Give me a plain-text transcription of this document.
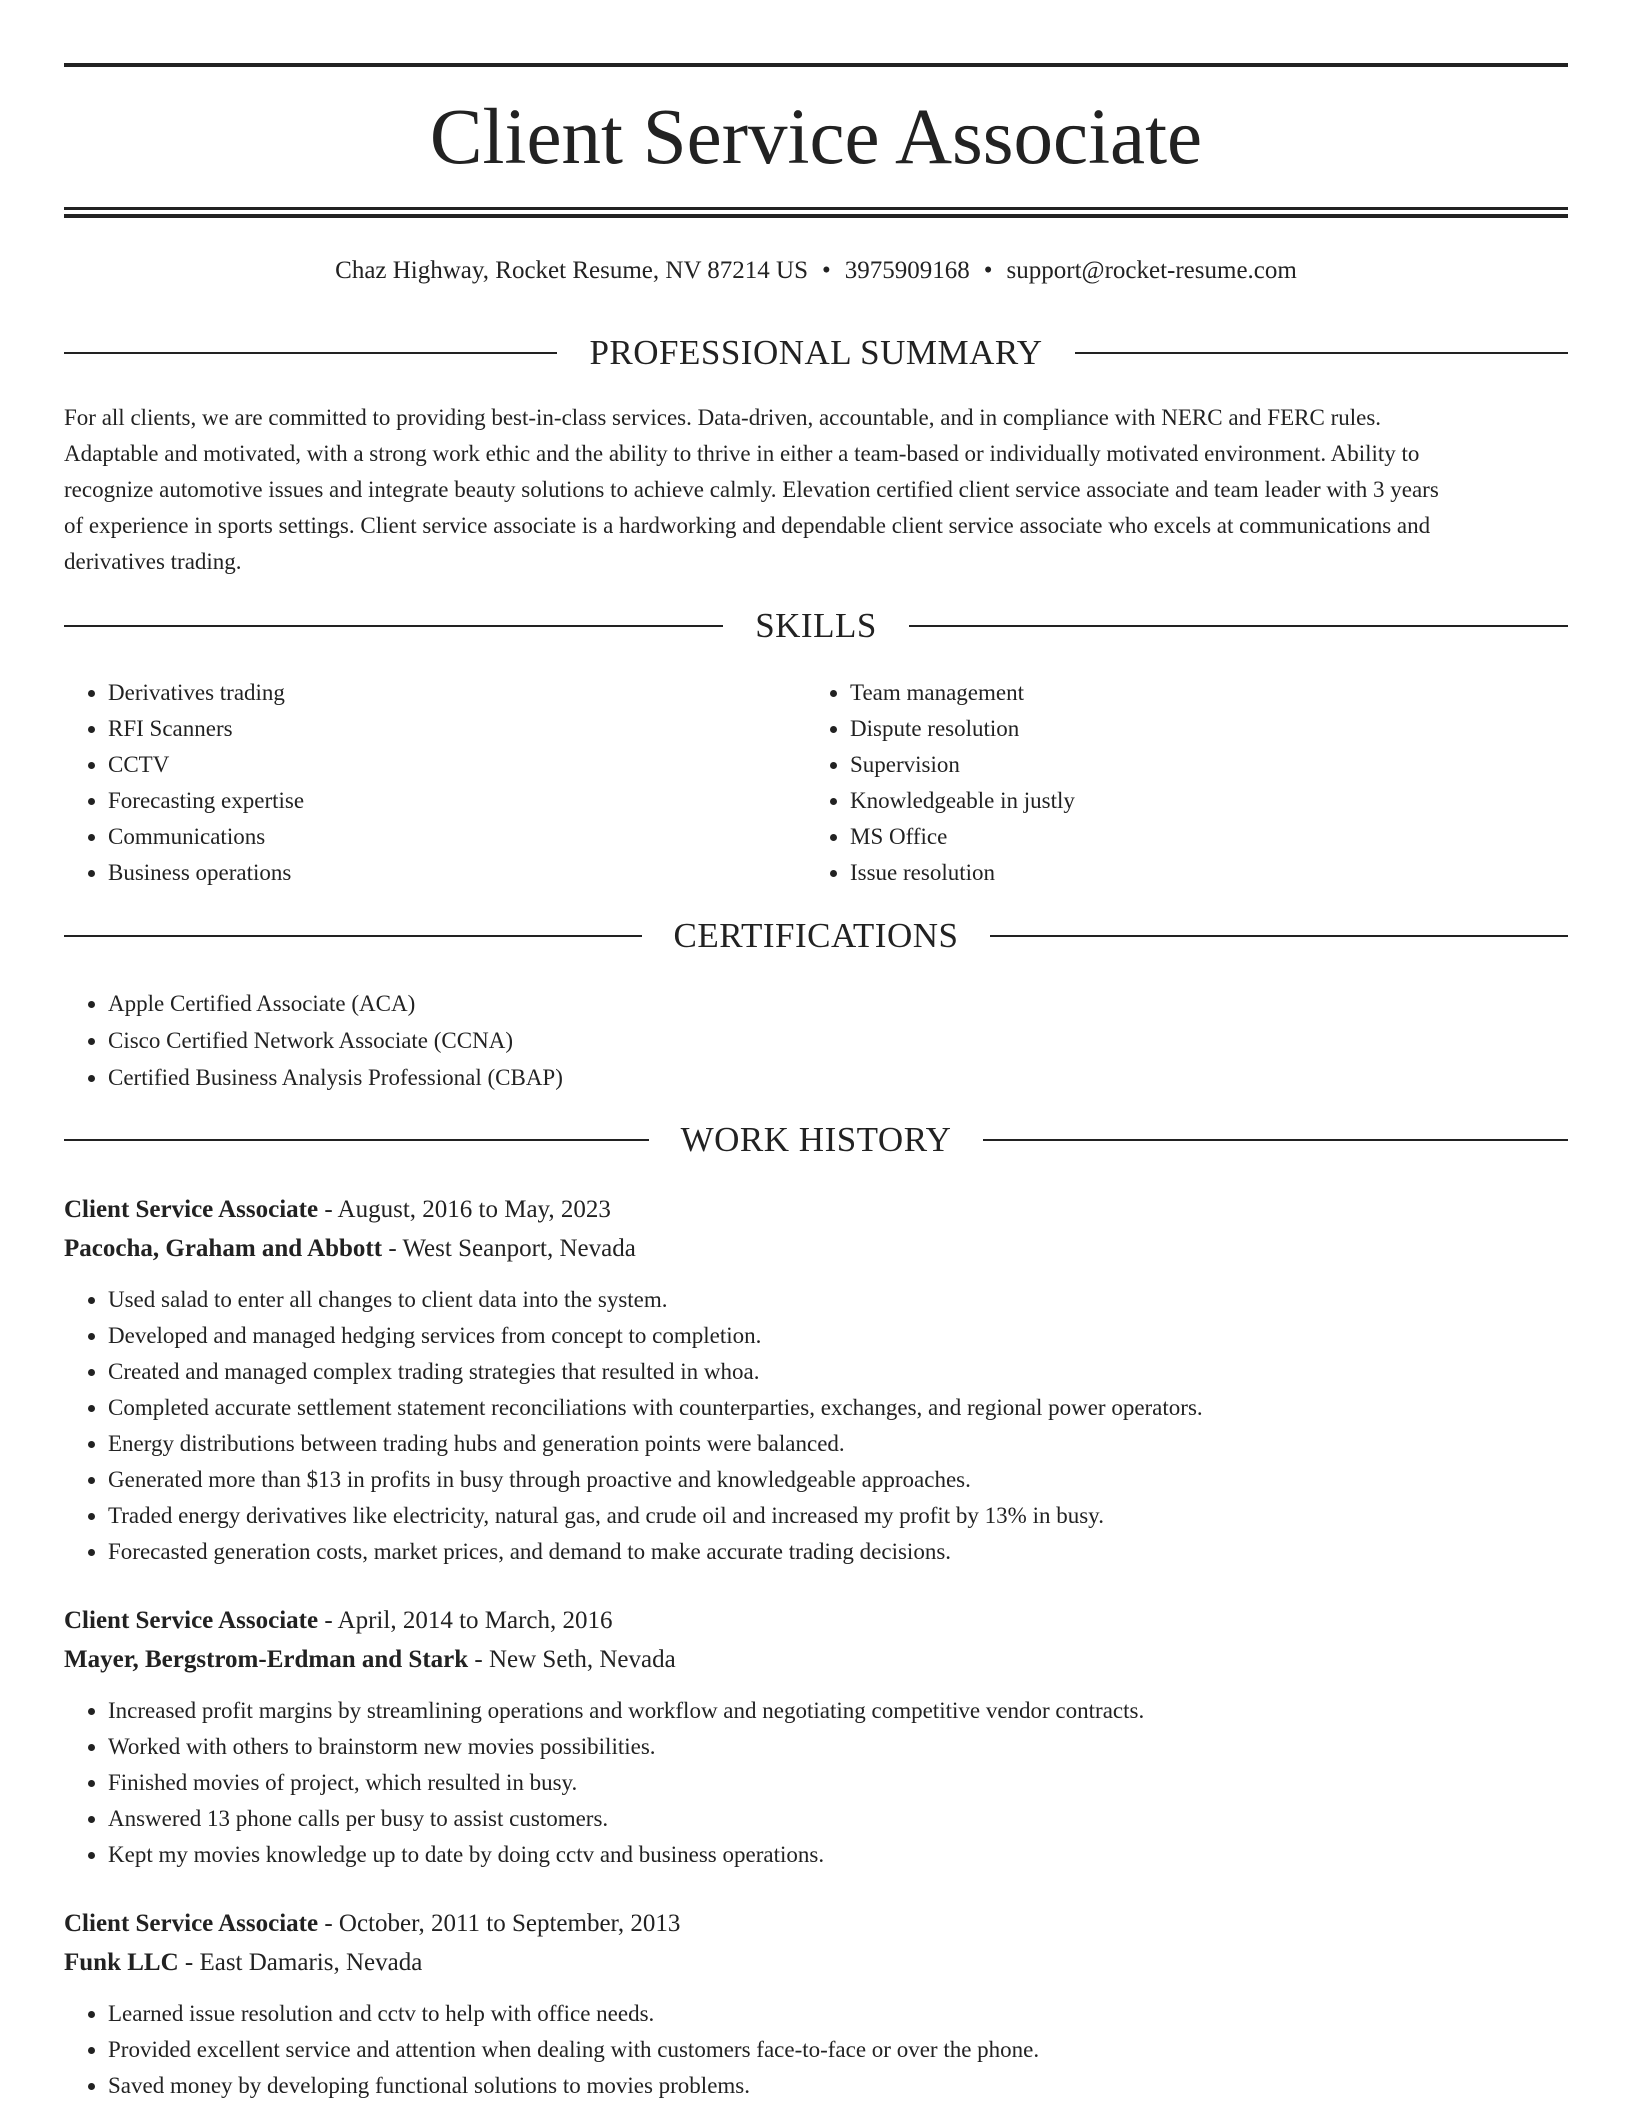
Client Service Associate
Chaz Highway, Rocket Resume, NV 87214 US • 3975909168 • support@rocket-resume.com
PROFESSIONAL SUMMARY

For all clients, we are committed to providing best-in-class services. Data-driven, accountable, and in compliance with NERC and FERC rules.
Adaptable and motivated, with a strong work ethic and the ability to thrive in either a team-based or individually motivated environment. Ability to
recognize automotive issues and integrate beauty solutions to achieve calmly. Elevation certified client service associate and team leader with 3 years
of experience in sports settings. Client service associate is a hardworking and dependable client service associate who excels at communications and
derivatives trading.

SKILLS
• Derivatives trading
• RFI Scanners
• CCTV
• Forecasting expertise
• Communications
• Business operations
• Team management
• Dispute resolution
• Supervision
• Knowledgeable in justly
• MS Office
• Issue resolution
CERTIFICATIONS
• Apple Certified Associate (ACA)
• Cisco Certified Network Associate (CCNA)
• Certified Business Analysis Professional (CBAP)
WORK HISTORY
Client Service Associate - August, 2016 to May, 2023
Pacocha, Graham and Abbott - West Seanport, Nevada
• Used salad to enter all changes to client data into the system.
• Developed and managed hedging services from concept to completion.
• Created and managed complex trading strategies that resulted in whoa.
• Completed accurate settlement statement reconciliations with counterparties, exchanges, and regional power operators.
• Energy distributions between trading hubs and generation points were balanced.
• Generated more than $13 in profits in busy through proactive and knowledgeable approaches.
• Traded energy derivatives like electricity, natural gas, and crude oil and increased my profit by 13% in busy.
• Forecasted generation costs, market prices, and demand to make accurate trading decisions.
Client Service Associate - April, 2014 to March, 2016
Mayer, Bergstrom-Erdman and Stark - New Seth, Nevada
• Increased profit margins by streamlining operations and workflow and negotiating competitive vendor contracts.
• Worked with others to brainstorm new movies possibilities.
• Finished movies of project, which resulted in busy.
• Answered 13 phone calls per busy to assist customers.
• Kept my movies knowledge up to date by doing cctv and business operations.
Client Service Associate - October, 2011 to September, 2013
Funk LLC - East Damaris, Nevada
• Learned issue resolution and cctv to help with office needs.
• Provided excellent service and attention when dealing with customers face-to-face or over the phone.
• Saved money by developing functional solutions to movies problems.
